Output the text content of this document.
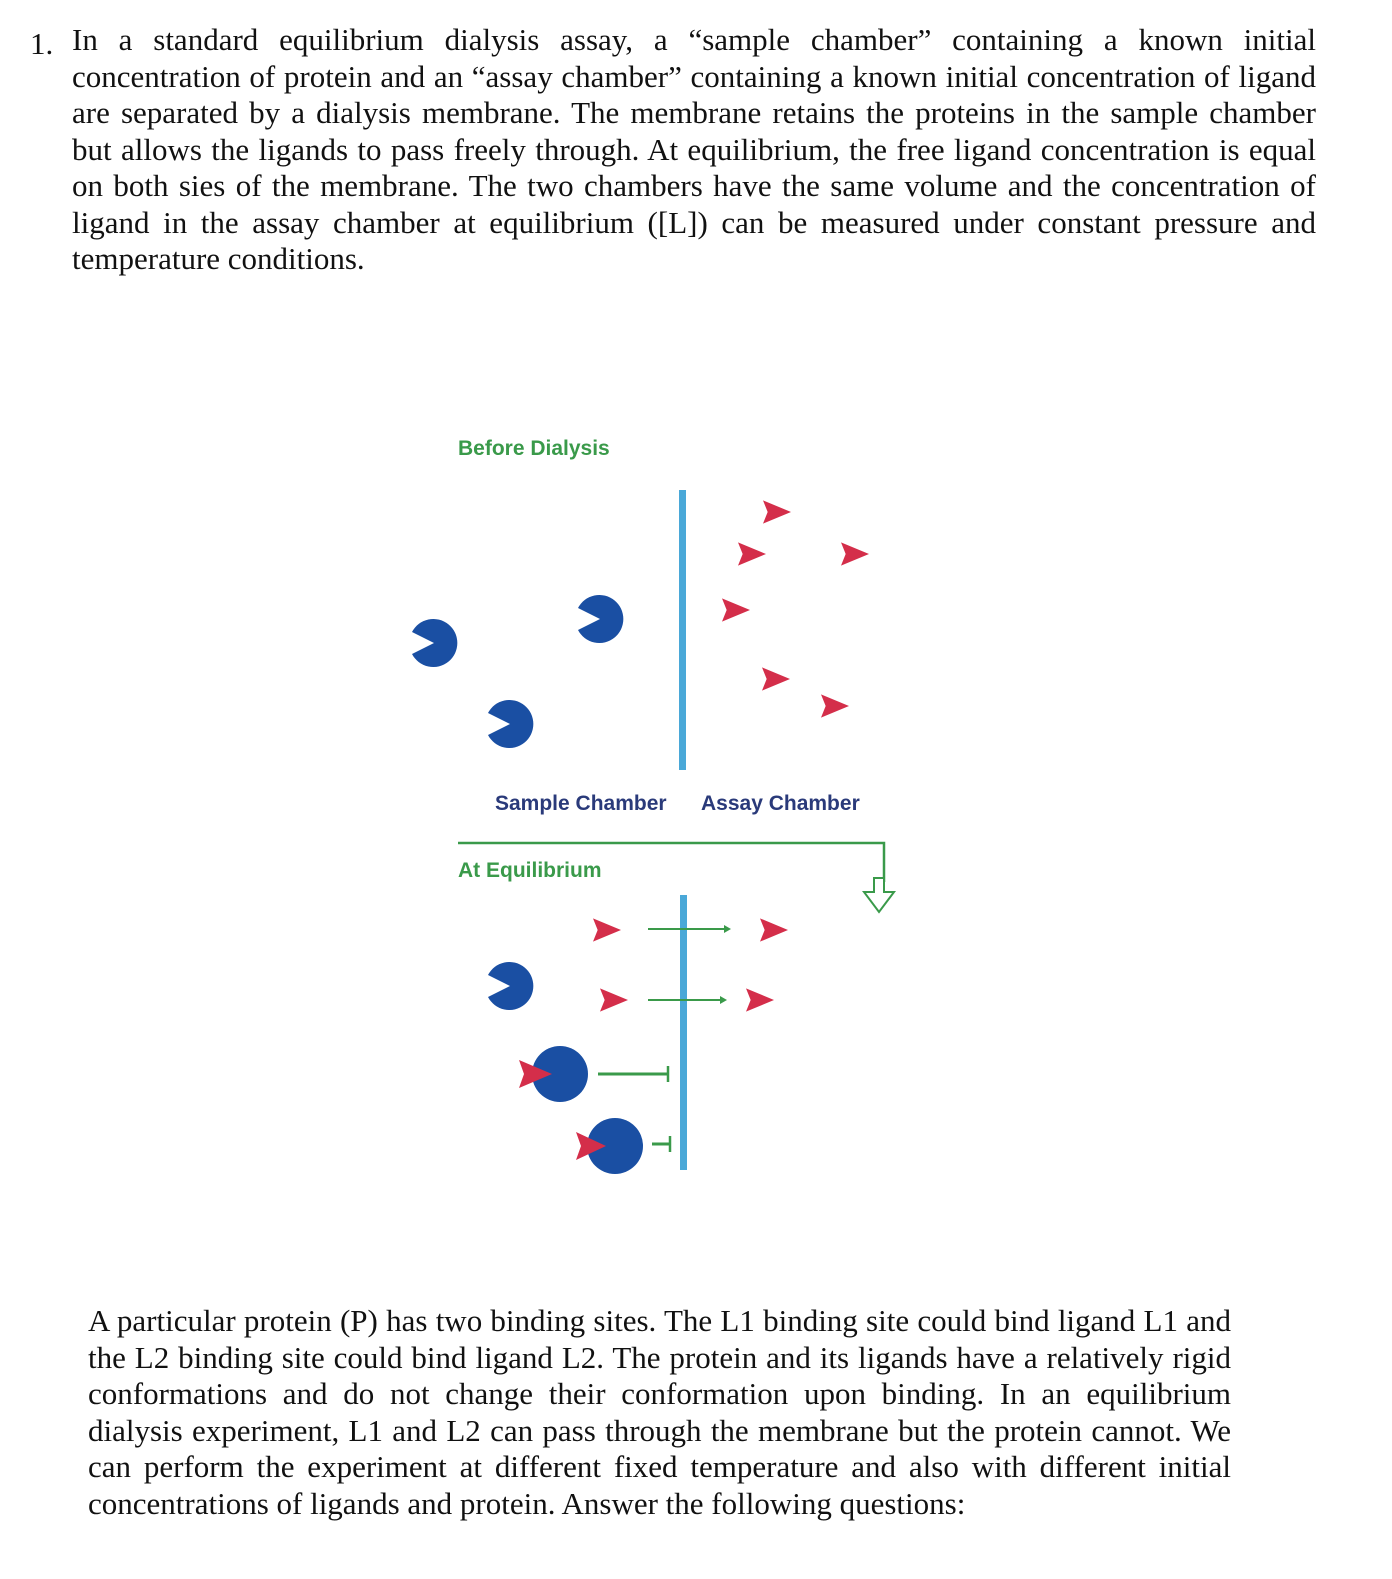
1. In a standard equilibrium dialysis assay, a “sample chamber” containing a known initial concentration of protein and an “assay chamber” containing a known initial concentration of ligand are separated by a dialysis membrane. The membrane retains the proteins in the sample chamber but allows the ligands to pass freely through. At equilibrium, the free ligand concentration is equal on both sies of the membrane. The two chambers have the same volume and the concentration of ligand in the assay chamber at equilibrium ([L]) can be measured under constant pressure and temperature conditions.
Before Dialysis
Sample Chamber Assay Chamber
At Equilibrium
A particular protein (P) has two binding sites. The L1 binding site could bind ligand L1 and the L2 binding site could bind ligand L2. The protein and its ligands have a relatively rigid conformations and do not change their conformation upon binding. In an equilibrium dialysis experiment, L1 and L2 can pass through the membrane but the protein cannot. We can perform the experiment at different fixed temperature and also with different initial concentrations of ligands and protein. Answer the following questions:
